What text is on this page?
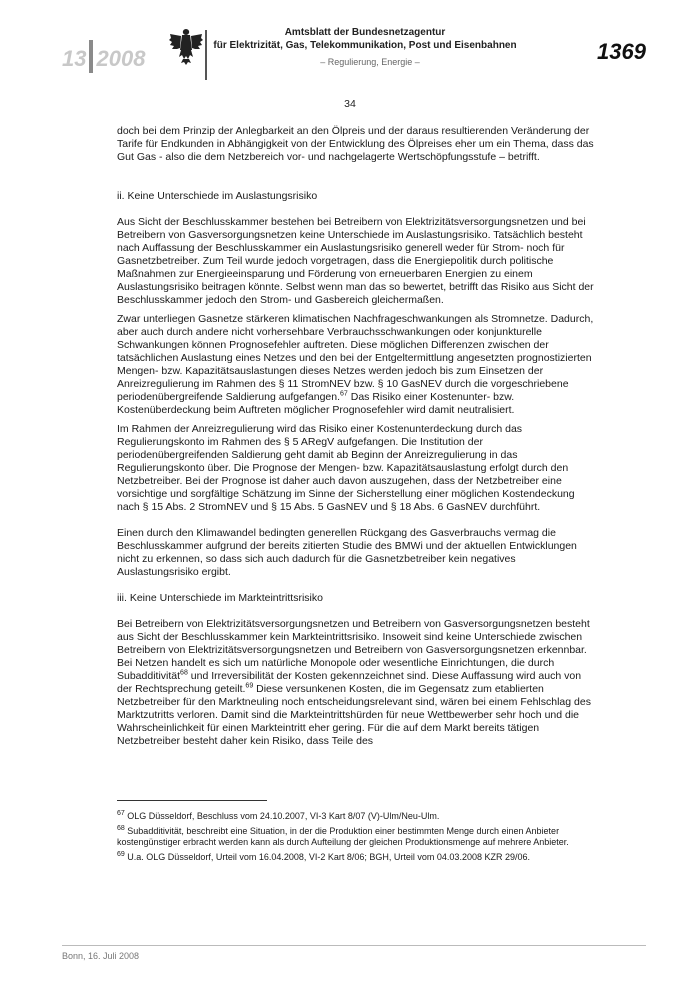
13 2008
Amtsblatt der Bundesnetzagentur
für Elektrizität, Gas, Telekommunikation, Post und Eisenbahnen
– Regulierung, Energie –	1369
34

doch bei dem Prinzip der Anlegbarkeit an den Ölpreis und der daraus resultierenden Veränderung der Tarife für Endkunden in Abhängigkeit von der Entwicklung des Ölpreises eher um ein Thema, dass das Gut Gas - also die dem Netzbereich vor- und nachgelagerte Wertschöpfungsstufe – betrifft.

ii. Keine Unterschiede im Auslastungsrisiko

Aus Sicht der Beschlusskammer bestehen bei Betreibern von Elektrizitätsversorgungsnetzen und bei Betreibern von Gasversorgungsnetzen keine Unterschiede im Auslastungsrisiko. Tatsächlich besteht nach Auffassung der Beschlusskammer ein Auslastungsrisiko generell weder für Strom- noch für Gasnetzbetreiber. Zum Teil wurde jedoch vorgetragen, dass die Energiepolitik durch politische Maßnahmen zur Energieeinsparung und Förderung von erneuerbaren Energien zu einem Auslastungsrisiko beitragen könnte. Selbst wenn man das so bewertet, betrifft das Risiko aus Sicht der Beschlusskammer jedoch den Strom- und Gasbereich gleichermaßen.

Zwar unterliegen Gasnetze stärkeren klimatischen Nachfrageschwankungen als Stromnetze. Dadurch, aber auch durch andere nicht vorhersehbare Verbrauchsschwankungen oder konjunkturelle Schwankungen können Prognosefehler auftreten. Diese möglichen Differenzen zwischen der tatsächlichen Auslastung eines Netzes und den bei der Entgeltermittlung angesetzten prognostizierten Mengen- bzw. Kapazitätsauslastungen dieses Netzes werden jedoch bis zum Einsetzen der Anreizregulierung im Rahmen des § 11 StromNEV bzw. § 10 GasNEV durch die vorgeschriebene periodenübergreifende Saldierung aufgefangen.$^{67}$ Das Risiko einer Kostenunter- bzw. Kostenüberdeckung beim Auftreten möglicher Prognosefehler wird damit neutralisiert.

Im Rahmen der Anreizregulierung wird das Risiko einer Kostenunterdeckung durch das Regulierungskonto im Rahmen des § 5 ARegV aufgefangen. Die Institution der periodenübergreifenden Saldierung geht damit ab Beginn der Anreizregulierung in das Regulierungskonto über. Die Prognose der Mengen- bzw. Kapazitätsauslastung erfolgt durch den Netzbetreiber. Bei der Prognose ist daher auch davon auszugehen, dass der Netzbetreiber eine vorsichtige und sorgfältige Schätzung im Sinne der Sicherstellung einer möglichen Kostendeckung nach § 15 Abs. 2 StromNEV und § 15 Abs. 5 GasNEV und § 18 Abs. 6 GasNEV durchführt.

Einen durch den Klimawandel bedingten generellen Rückgang des Gasverbrauchs vermag die Beschlusskammer aufgrund der bereits zitierten Studie des BMWi und der aktuellen Entwicklungen nicht zu erkennen, so dass sich auch dadurch für die Gasnetzbetreiber kein negatives Auslastungsrisiko ergibt.

iii. Keine Unterschiede im Markteintrittsrisiko

Bei Betreibern von Elektrizitätsversorgungsnetzen und Betreibern von Gasversorgungsnetzen besteht aus Sicht der Beschlusskammer kein Markteintrittsrisiko. Insoweit sind keine Unterschiede zwischen Betreibern von Elektrizitätsversorgungsnetzen und Betreibern von Gasversorgungsnetzen erkennbar. Bei Netzen handelt es sich um natürliche Monopole oder wesentliche Einrichtungen, die durch Subadditivität$^{68}$ und Irreversibilität der Kosten gekennzeichnet sind. Diese Auffassung wird auch von der Rechtsprechung geteilt.$^{69}$ Diese versunkenen Kosten, die im Gegensatz zum etablierten Netzbetreiber für den Marktneuling noch entscheidungsrelevant sind, wären bei einem Fehlschlag des Marktzutritts verloren. Damit sind die Markteintrittshürden für neue Wettbewerber sehr hoch und die Wahrscheinlichkeit für einen Markteintritt eher gering. Für die auf dem Markt bereits tätigen Netzbetreiber besteht daher kein Risiko, dass Teile des

$^{67}$ OLG Düsseldorf, Beschluss vom 24.10.2007, VI-3 Kart 8/07 (V)-Ulm/Neu-Ulm.

$^{68}$ Subadditivität, beschreibt eine Situation, in der die Produktion einer bestimmten Menge durch einen Anbieter kostengünstiger erbracht werden kann als durch Aufteilung der gleichen Produktionsmenge auf mehrere Anbieter.

$^{69}$ U.a. OLG Düsseldorf, Urteil vom 16.04.2008, VI-2 Kart 8/06; BGH, Urteil vom 04.03.2008 KZR 29/06.

Bonn, 16. Juli 2008
